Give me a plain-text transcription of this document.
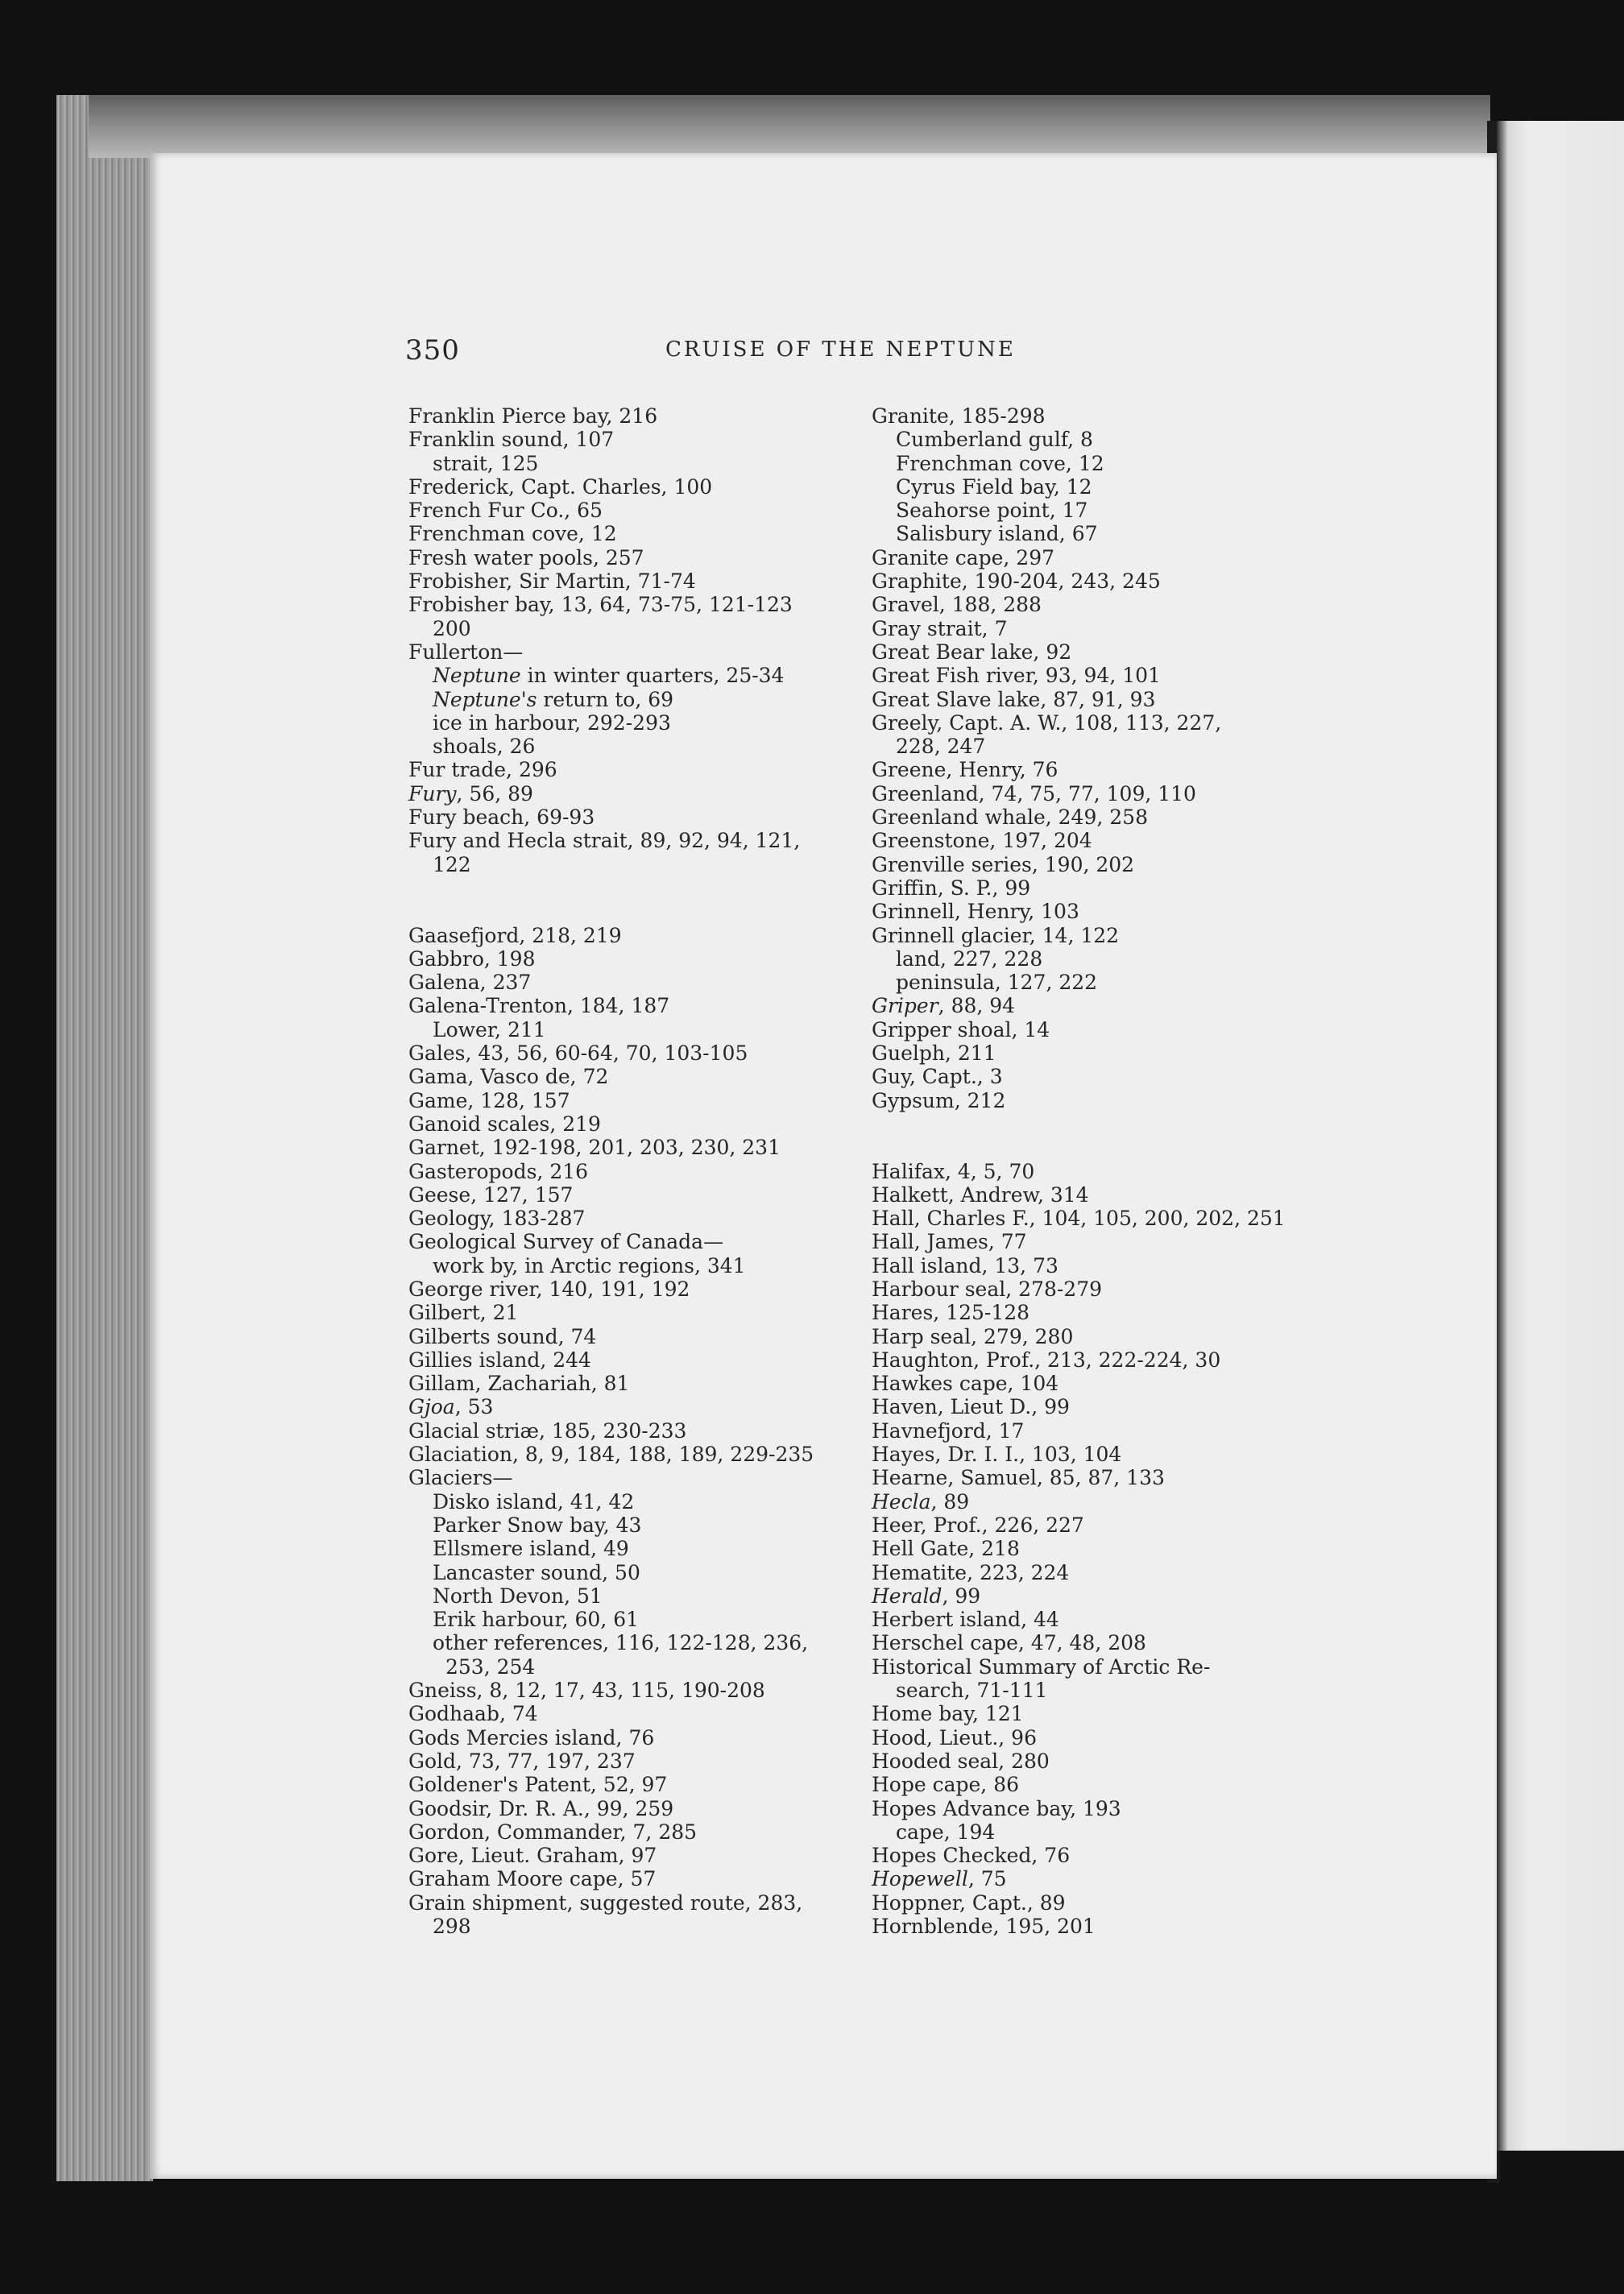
350	CRUISE OF THE NEPTUNE
Franklin Pierce bay, 216
Franklin sound, 107
strait, 125
Frederick, Capt. Charles, 100
French Fur Co., 65
Frenchman cove, 12
Fresh water pools, 257
Frobisher, Sir Martin, 71-74
Frobisher bay, 13, 64, 73-75, 121-123
200
Fullerton—
Neptune in winter quarters, 25-34
Neptune's return to, 69
ice in harbour, 292-293
shoals, 26
Fur trade, 296
Fury, 56, 89
Fury beach, 69-93
Fury and Hecla strait, 89, 92, 94, 121,
122
Gaasefjord, 218, 219
Gabbro, 198
Galena, 237
Galena-Trenton, 184, 187
Lower, 211
Gales, 43, 56, 60-64, 70, 103-105
Gama, Vasco de, 72
Game, 128, 157
Ganoid scales, 219
Garnet, 192-198, 201, 203, 230, 231
Gasteropods, 216
Geese, 127, 157
Geology, 183-287
Geological Survey of Canada—
work by, in Arctic regions, 341
George river, 140, 191, 192
Gilbert, 21
Gilberts sound, 74
Gillies island, 244
Gillam, Zachariah, 81
Gjoa, 53
Glacial striæ, 185, 230-233
Glaciation, 8, 9, 184, 188, 189, 229-235
Glaciers—
Disko island, 41, 42
Parker Snow bay, 43
Ellsmere island, 49
Lancaster sound, 50
North Devon, 51
Erik harbour, 60, 61
other references, 116, 122-128, 236,
253, 254
Gneiss, 8, 12, 17, 43, 115, 190-208
Godhaab, 74
Gods Mercies island, 76
Gold, 73, 77, 197, 237
Goldener's Patent, 52, 97
Goodsir, Dr. R. A., 99, 259
Gordon, Commander, 7, 285
Gore, Lieut. Graham, 97
Graham Moore cape, 57
Grain shipment, suggested route, 283,
298
Granite, 185-298
Cumberland gulf, 8
Frenchman cove, 12
Cyrus Field bay, 12
Seahorse point, 17
Salisbury island, 67
Granite cape, 297
Graphite, 190-204, 243, 245
Gravel, 188, 288
Gray strait, 7
Great Bear lake, 92
Great Fish river, 93, 94, 101
Great Slave lake, 87, 91, 93
Greely, Capt. A. W., 108, 113, 227,
228, 247
Greene, Henry, 76
Greenland, 74, 75, 77, 109, 110
Greenland whale, 249, 258
Greenstone, 197, 204
Grenville series, 190, 202
Griffin, S. P., 99
Grinnell, Henry, 103
Grinnell glacier, 14, 122
land, 227, 228
peninsula, 127, 222
Griper, 88, 94
Gripper shoal, 14
Guelph, 211
Guy, Capt., 3
Gypsum, 212
Halifax, 4, 5, 70
Halkett, Andrew, 314
Hall, Charles F., 104, 105, 200, 202, 251
Hall, James, 77
Hall island, 13, 73
Harbour seal, 278-279
Hares, 125-128
Harp seal, 279, 280
Haughton, Prof., 213, 222-224, 30
Hawkes cape, 104
Haven, Lieut D., 99
Havnefjord, 17
Hayes, Dr. I. I., 103, 104
Hearne, Samuel, 85, 87, 133
Hecla, 89
Heer, Prof., 226, 227
Hell Gate, 218
Hematite, 223, 224
Herald, 99
Herbert island, 44
Herschel cape, 47, 48, 208
Historical Summary of Arctic Re-
search, 71-111
Home bay, 121
Hood, Lieut., 96
Hooded seal, 280
Hope cape, 86
Hopes Advance bay, 193
cape, 194
Hopes Checked, 76
Hopewell, 75
Hoppner, Capt., 89
Hornblende, 195, 201
